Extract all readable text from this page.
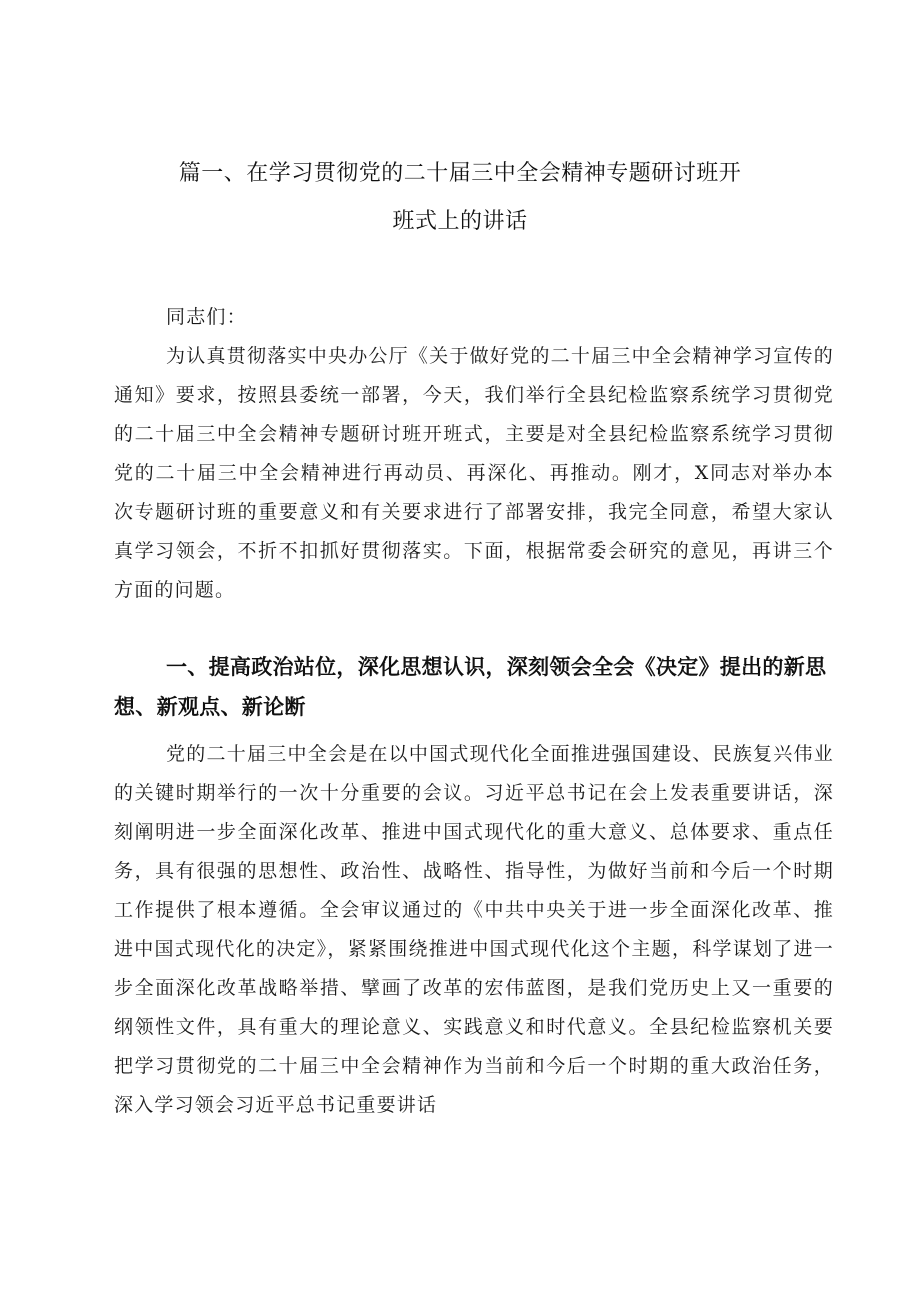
篇一、在学习贯彻党的二十届三中全会精神专题研讨班开
班式上的讲话

同志们：

为认真贯彻落实中央办公厅《关于做好党的二十届三中全会精神学习宣传的通知》要求，按照县委统一部署，今天，我们举行全县纪检监察系统学习贯彻党的二十届三中全会精神专题研讨班开班式，主要是对全县纪检监察系统学习贯彻党的二十届三中全会精神进行再动员、再深化、再推动。刚才，X同志对举办本次专题研讨班的重要意义和有关要求进行了部署安排，我完全同意，希望大家认真学习领会，不折不扣抓好贯彻落实。下面，根据常委会研究的意见，再讲三个方面的问题。

一、提高政治站位，深化思想认识，深刻领会全会《决定》提出的新思想、新观点、新论断

党的二十届三中全会是在以中国式现代化全面推进强国建设、民族复兴伟业的关键时期举行的一次十分重要的会议。习近平总书记在会上发表重要讲话，深刻阐明进一步全面深化改革、推进中国式现代化的重大意义、总体要求、重点任务，具有很强的思想性、政治性、战略性、指导性，为做好当前和今后一个时期工作提供了根本遵循。全会审议通过的《中共中央关于进一步全面深化改革、推进中国式现代化的决定》，紧紧围绕推进中国式现代化这个主题，科学谋划了进一步全面深化改革战略举措、擘画了改革的宏伟蓝图，是我们党历史上又一重要的纲领性文件，具有重大的理论意义、实践意义和时代意义。全县纪检监察机关要把学习贯彻党的二十届三中全会精神作为当前和今后一个时期的重大政治任务，深入学习领会习近平总书记重要讲话
